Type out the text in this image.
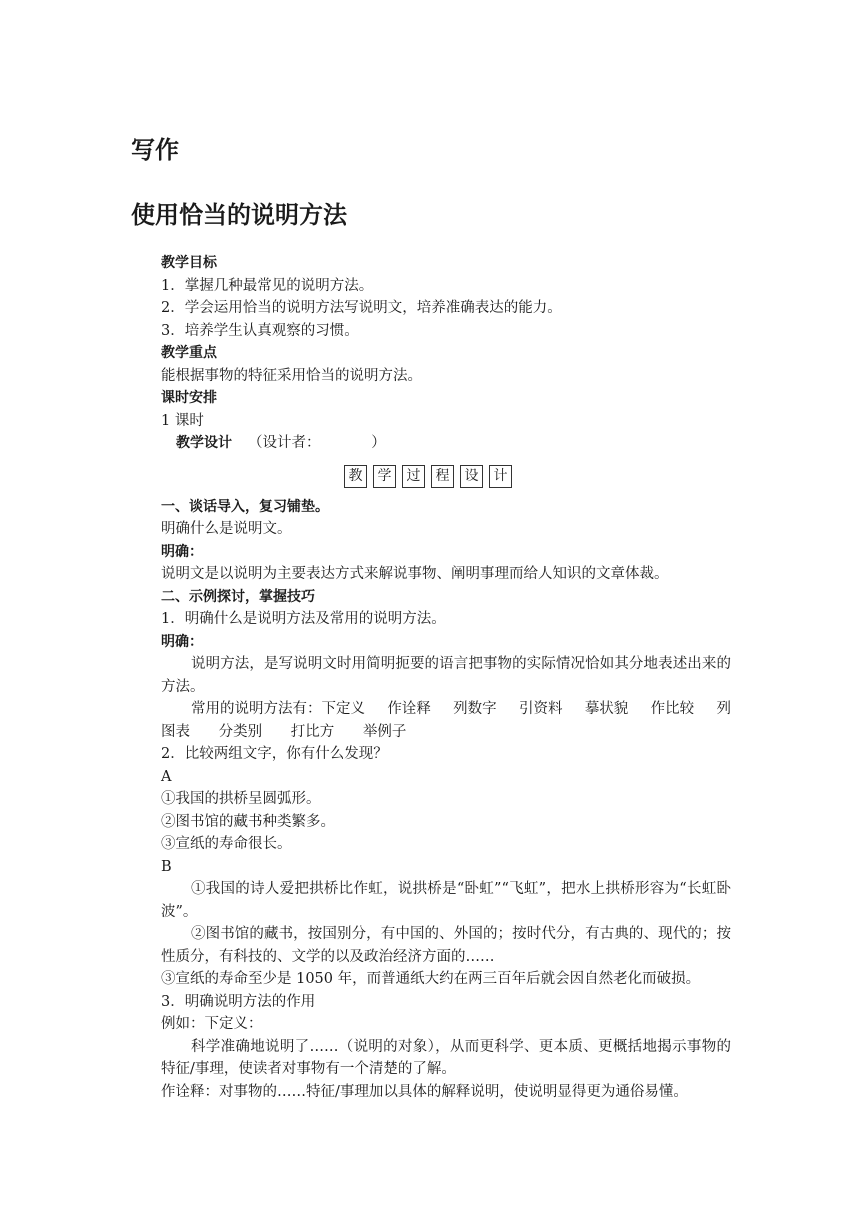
写作
使用恰当的说明方法

教学目标

1．掌握几种最常见的说明方法。

2．学会运用恰当的说明方法写说明文，培养准确表达的能力。

3．培养学生认真观察的习惯。

教学重点

能根据事物的特征采用恰当的说明方法。

课时安排

1 课时

教学设计 （设计者：　　　　）

教	学	过	程	设	计

一、谈话导入，复习铺垫。

明确什么是说明文。

明确：

说明文是以说明为主要表达方式来解说事物、阐明事理而给人知识的文章体裁。

二、示例探讨，掌握技巧

1．明确什么是说明方法及常用的说明方法。

明确：

说明方法，是写说明文时用简明扼要的语言把事物的实际情况恰如其分地表述出来的方法。

常用的说明方法有：下定义 作诠释 列数字 引资料 摹状貌 作比较 列

图表 分类别 打比方 举例子

2．比较两组文字，你有什么发现？

A

①我国的拱桥呈圆弧形。

②图书馆的藏书种类繁多。

③宣纸的寿命很长。

B

①我国的诗人爱把拱桥比作虹，说拱桥是“卧虹”“飞虹”，把水上拱桥形容为“长虹卧波”。

②图书馆的藏书，按国别分，有中国的、外国的；按时代分，有古典的、现代的；按性质分，有科技的、文学的以及政治经济方面的……

③宣纸的寿命至少是 1050 年，而普通纸大约在两三百年后就会因自然老化而破损。

3．明确说明方法的作用

例如：下定义：

科学准确地说明了……（说明的对象），从而更科学、更本质、更概括地揭示事物的特征/事理，使读者对事物有一个清楚的了解。

作诠释：对事物的……特征/事理加以具体的解释说明，使说明显得更为通俗易懂。
